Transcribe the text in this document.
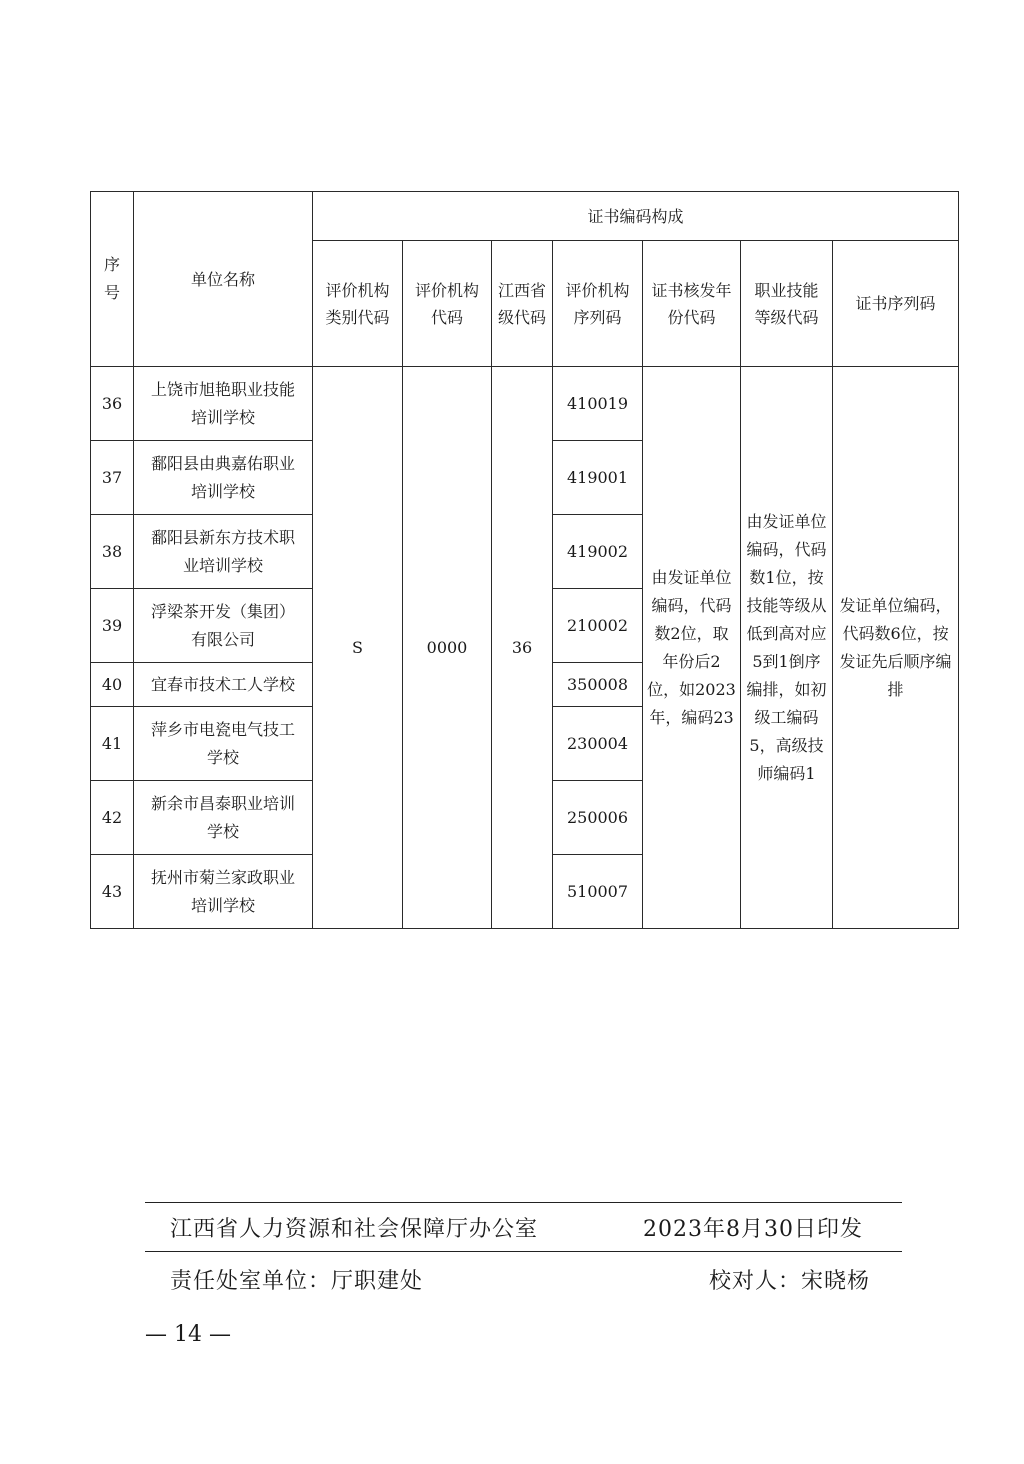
序号	单位名称	证书编码构成						
		评价机构类别代码	评价机构代码	江西省级代码	评价机构序列码	证书核发年份代码	职业技能等级代码	证书序列码
36	上饶市旭艳职业技能培训学校	S	0000	36	410019	由发证单位编码，代码数2位，取年份后2位，如2023年，编码23	由发证单位编码，代码数1位，按技能等级从低到高对应5到1倒序编排，如初级工编码5，高级技师编码1	发证单位编码，代码数6位，按发证先后顺序编排
37	鄱阳县由典嘉佑职业培训学校				419001			
38	鄱阳县新东方技术职业培训学校				419002			
39	浮梁茶开发（集团）有限公司				210002			
40	宜春市技术工人学校				350008			
41	萍乡市电瓷电气技工学校				230004			
42	新余市昌泰职业培训学校				250006			
43	抚州市菊兰家政职业培训学校				510007			
江西省人力资源和社会保障厅办公室	2023年8月30日印发
责任处室单位：厅职建处	校对人：宋晓杨
— 14 —
